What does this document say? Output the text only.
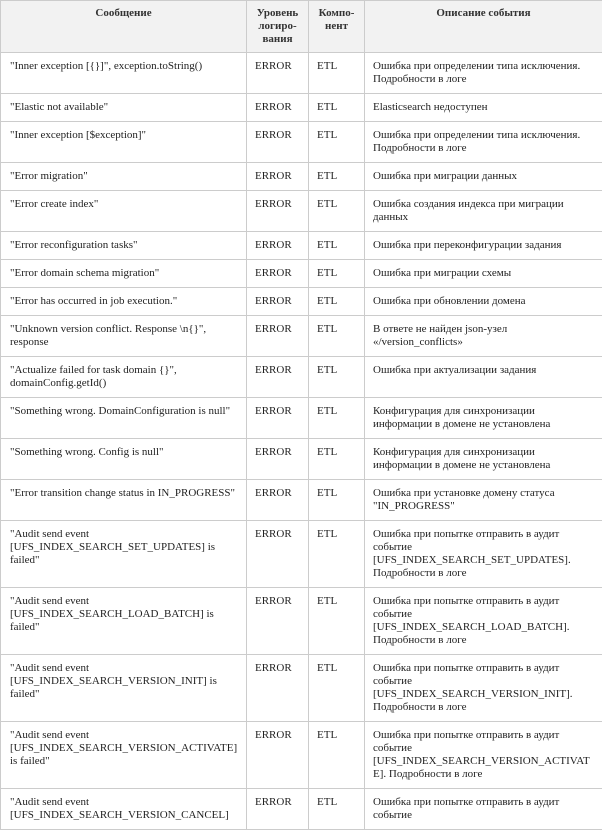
Сообщение	Уровень логиро-вания	Компо-нент	Описание события
"Inner exception [{}]", exception.toString()	ERROR	ETL	Ошибка при определении типа исключения. Подробности в логе
"Elastic not available"	ERROR	ETL	Elasticsearch недоступен
"Inner exception [$exception]"	ERROR	ETL	Ошибка при определении типа исключения. Подробности в логе
"Error migration"	ERROR	ETL	Ошибка при миграции данных
"Error create index"	ERROR	ETL	Ошибка создания индекса при миграции данных
"Error reconfiguration tasks"	ERROR	ETL	Ошибка при переконфигурации задания
"Error domain schema migration"	ERROR	ETL	Ошибка при миграции схемы
"Error has occurred in job execution."	ERROR	ETL	Ошибка при обновлении домена
"Unknown version conflict. Response \n{}", response	ERROR	ETL	В ответе не найден json-узел «/version_conflicts»
"Actualize failed for task domain {}", domainConfig.getId()	ERROR	ETL	Ошибка при актуализации задания
"Something wrong. DomainConfiguration is null"	ERROR	ETL	Конфигурация для синхронизации информации в домене не установлена
"Something wrong. Config is null"	ERROR	ETL	Конфигурация для синхронизации информации в домене не установлена
"Error transition change status in IN_PROGRESS"	ERROR	ETL	Ошибка при установке домену статуса "IN_PROGRESS"
"Audit send event [UFS_INDEX_SEARCH_SET_UPDATES] is failed"	ERROR	ETL	Ошибка при попытке отправить в аудит событие [UFS_INDEX_SEARCH_SET_UPDATES]. Подробности в логе
"Audit send event [UFS_INDEX_SEARCH_LOAD_BATCH] is failed"	ERROR	ETL	Ошибка при попытке отправить в аудит событие [UFS_INDEX_SEARCH_LOAD_BATCH]. Подробности в логе
"Audit send event [UFS_INDEX_SEARCH_VERSION_INIT] is failed"	ERROR	ETL	Ошибка при попытке отправить в аудит событие [UFS_INDEX_SEARCH_VERSION_INIT]. Подробности в логе
"Audit send event [UFS_INDEX_SEARCH_VERSION_ACTIVATE] is failed"	ERROR	ETL	Ошибка при попытке отправить в аудит событие [UFS_INDEX_SEARCH_VERSION_ACTIVATE]. Подробности в логе
"Audit send event [UFS_INDEX_SEARCH_VERSION_CANCEL]	ERROR	ETL	Ошибка при попытке отправить в аудит событие
